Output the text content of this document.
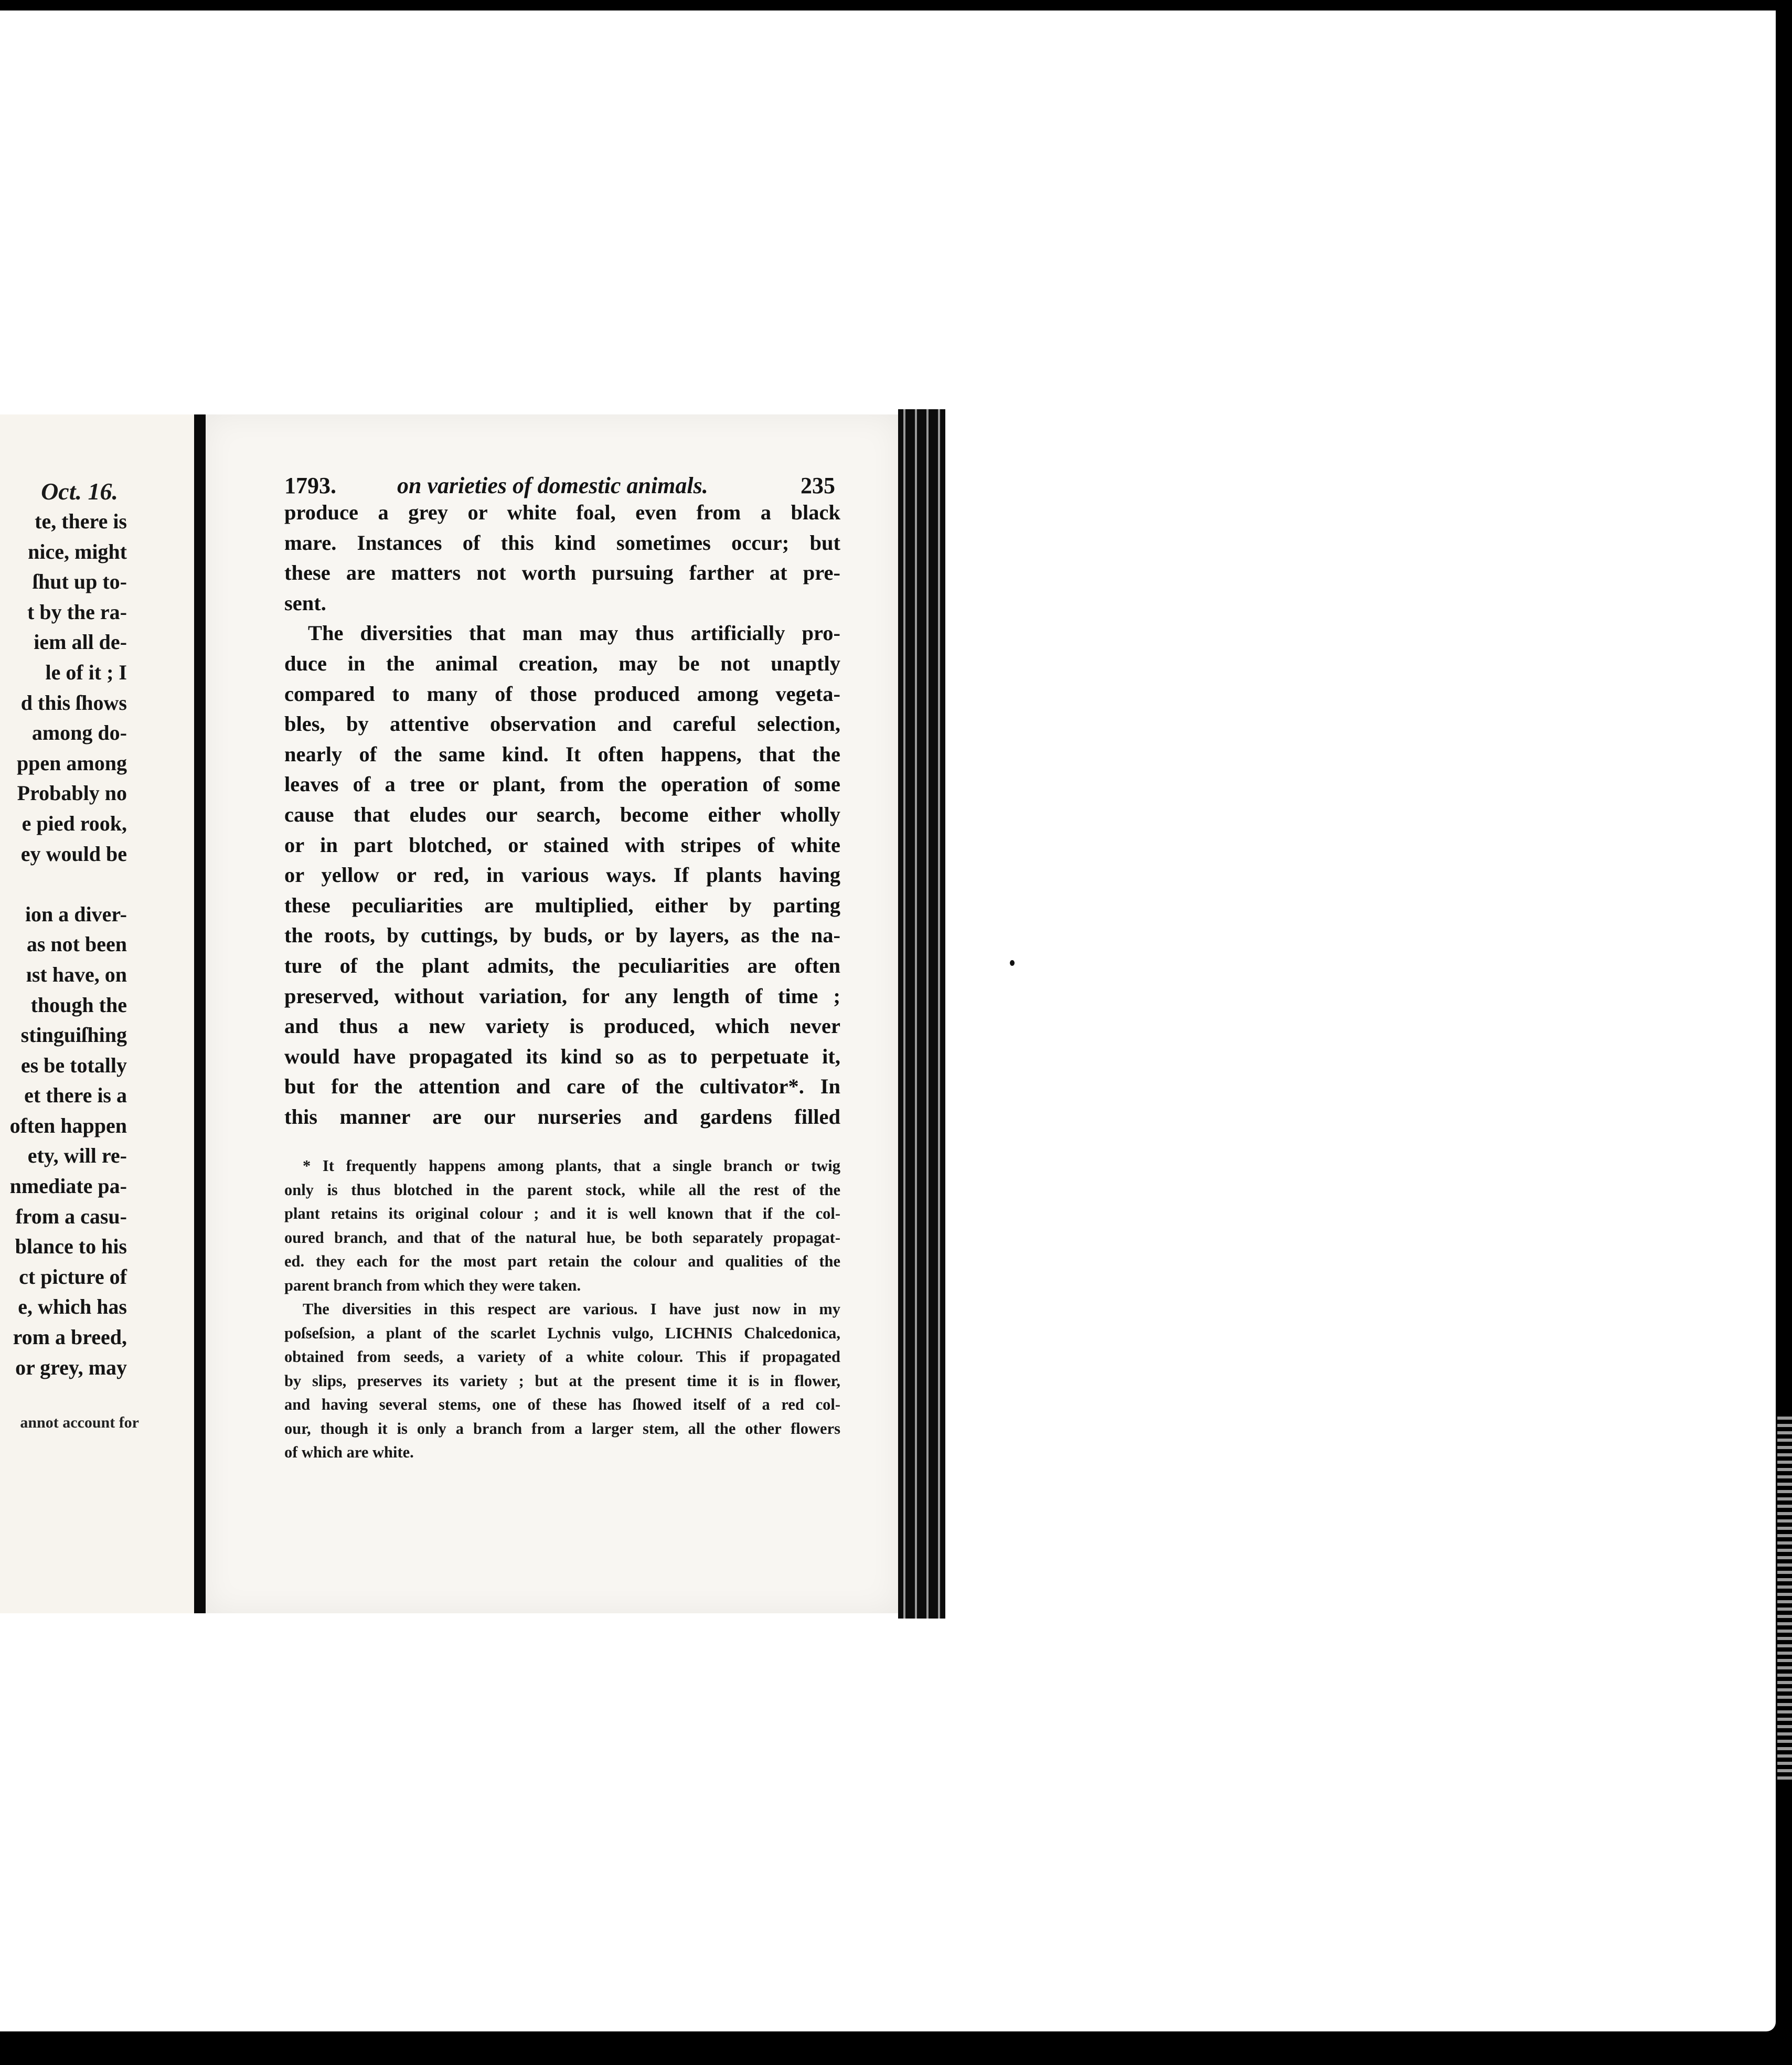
Oct. 16.
te, there is
nice, might
ſhut up to-
t by the ra-
iem all de-
le of it ; I
d this ſhows
among do-
ppen among
Probably no
e pied rook,
ey would be
ion a diver-
as not been
ıst have, on
though the
stinguiſhing
es be totally
et there is a
often happen
ety, will re-
nmediate pa-
from a casu-
blance to his
ct picture of
e, which has
rom a breed,
or grey, may
annot account for
1793.	on varieties of domestic animals.	235
produce a grey or white foal, even from a black
mare. Instances of this kind sometimes occur; but
these are matters not worth pursuing farther at pre-
sent.
The diversities that man may thus artificially pro-
duce in the animal creation, may be not unaptly
compared to many of those produced among vegeta-
bles, by attentive observation and careful selection,
nearly of the same kind. It often happens, that the
leaves of a tree or plant, from the operation of some
cause that eludes our search, become either wholly
or in part blotched, or stained with stripes of white
or yellow or red, in various ways. If plants having
these peculiarities are multiplied, either by parting
the roots, by cuttings, by buds, or by layers, as the na-
ture of the plant admits, the peculiarities are often
preserved, without variation, for any length of time ;
and thus a new variety is produced, which never
would have propagated its kind so as to perpetuate it,
but for the attention and care of the cultivator*. In
this manner are our nurseries and gardens filled
* It frequently happens among plants, that a single branch or twig
only is thus blotched in the parent stock, while all the rest of the
plant retains its original colour ; and it is well known that if the col-
oured branch, and that of the natural hue, be both separately propagat-
ed. they each for the most part retain the colour and qualities of the
parent branch from which they were taken.
The diversities in this respect are various. I have just now in my
poſseſsion, a plant of the scarlet Lychnis vulgo, LICHNIS Chalcedonica,
obtained from seeds, a variety of a white colour. This if propagated
by slips, preserves its variety ; but at the present time it is in flower,
and having several stems, one of these has ſhowed itself of a red col-
our, though it is only a branch from a larger stem, all the other flowers
of which are white.
